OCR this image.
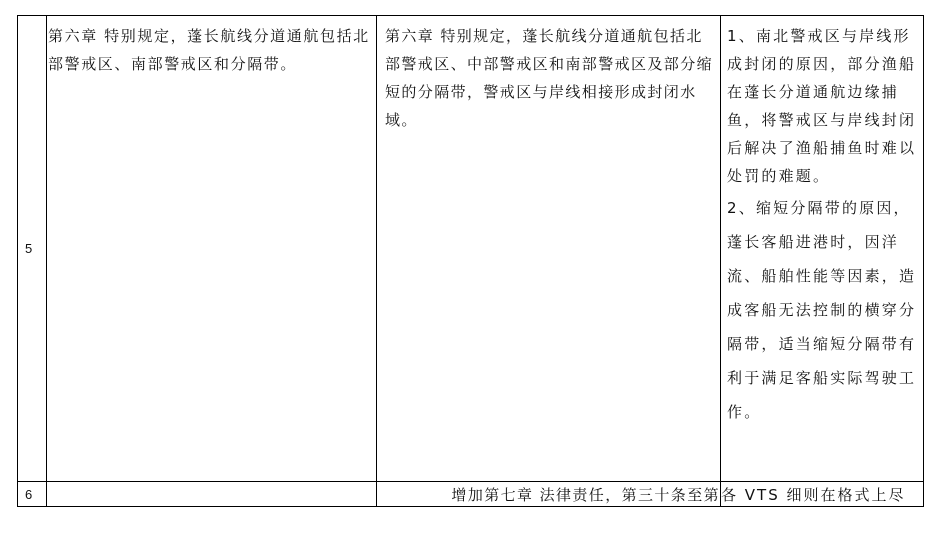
5	第六章 特别规定，蓬长航线分道通航包括北部警戒区、南部警戒区和分隔带。	第六章 特别规定，蓬长航线分道通航包括北部警戒区、中部警戒区和南部警戒区及部分缩短的分隔带，警戒区与岸线相接形成封闭水域。	1、南北警戒区与岸线形成封闭的原因，部分渔船在蓬长分道通航边缘捕鱼，将警戒区与岸线封闭后解决了渔船捕鱼时难以处罚的难题。
2、缩短分隔带的原因，蓬长客船进港时，因洋流、船舶性能等因素，造成客船无法控制的横穿分隔带，适当缩短分隔带有利于满足客船实际驾驶工作。

6		增加第七章 法律责任，第三十条至第	各 VTS 细则在格式上尽
